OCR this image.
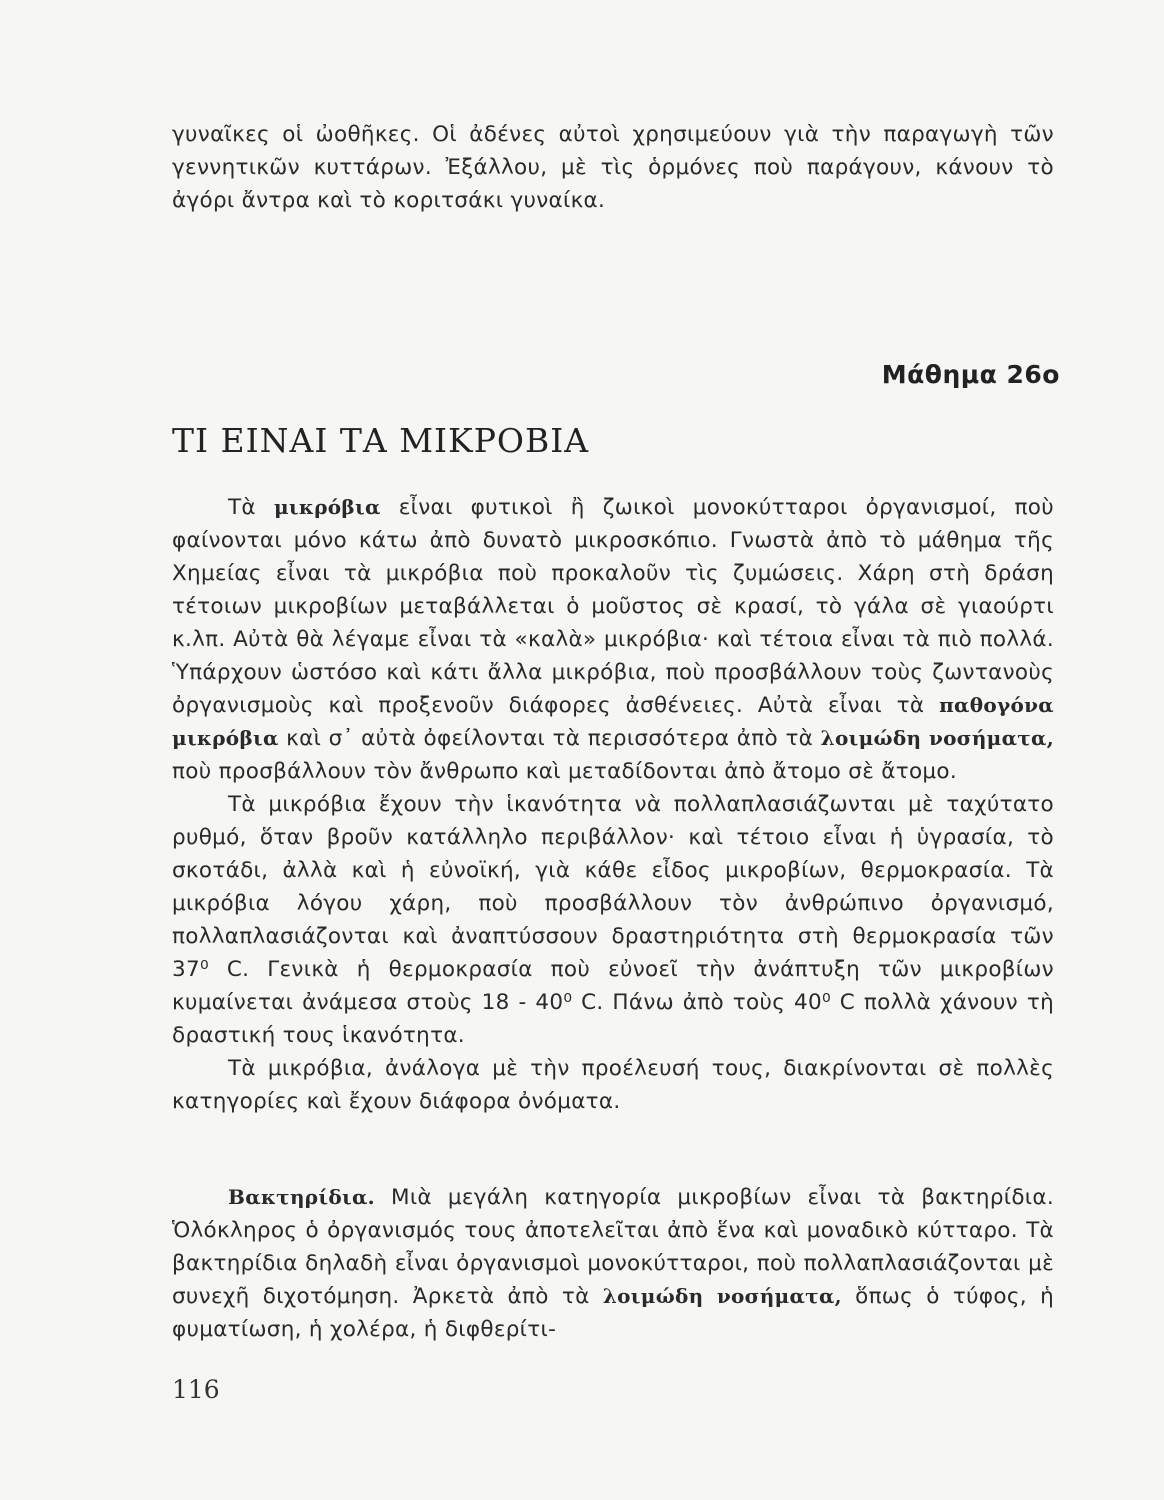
γυναῖκες οἱ ὠοθῆκες. Οἱ ἀδένες αὐτοὶ χρησιμεύουν γιὰ τὴν παραγωγὴ τῶν γεννητικῶν κυττάρων. Ἐξάλλου, μὲ τὶς ὁρμόνες ποὺ παράγουν, κάνουν τὸ ἀγόρι ἄντρα καὶ τὸ κοριτσάκι γυναίκα.

Μάθημα 26ο
ΤΙ ΕΙΝΑΙ ΤΑ ΜΙΚΡΟΒΙΑ

Τὰ μικρόβια εἶναι φυτικοὶ ἢ ζωικοὶ μονοκύτταροι ὀργανισμοί, ποὺ φαίνονται μόνο κάτω ἀπὸ δυνατὸ μικροσκόπιο. Γνωστὰ ἀπὸ τὸ μάθημα τῆς Χημείας εἶναι τὰ μικρόβια ποὺ προκαλοῦν τὶς ζυμώσεις. Χάρη στὴ δράση τέτοιων μικροβίων μεταβάλλεται ὁ μοῦστος σὲ κρασί, τὸ γάλα σὲ γιαούρτι κ.λπ. Αὐτὰ θὰ λέγαμε εἶναι τὰ «καλὰ» μικρόβια· καὶ τέτοια εἶναι τὰ πιὸ πολλά. Ὑπάρχουν ὡστόσο καὶ κάτι ἄλλα μικρόβια, ποὺ προσβάλλουν τοὺς ζωντανοὺς ὀργανισμοὺς καὶ προξενοῦν διάφορες ἀσθένειες. Αὐτὰ εἶναι τὰ παθογόνα μικρόβια καὶ σ᾽ αὐτὰ ὀφείλονται τὰ περισσότερα ἀπὸ τὰ λοιμώδη νοσήματα, ποὺ προσβάλλουν τὸν ἄνθρωπο καὶ μεταδίδονται ἀπὸ ἄτομο σὲ ἄτομο.

Τὰ μικρόβια ἔχουν τὴν ἱκανότητα νὰ πολλαπλασιάζωνται μὲ ταχύτατο ρυθμό, ὅταν βροῦν κατάλληλο περιβάλλον· καὶ τέτοιο εἶναι ἡ ὑγρασία, τὸ σκοτάδι, ἀλλὰ καὶ ἡ εὐνοϊκή, γιὰ κάθε εἶδος μικροβίων, θερμοκρασία. Τὰ μικρόβια λόγου χάρη, ποὺ προσβάλλουν τὸν ἀνθρώπινο ὀργανισμό, πολλαπλασιάζονται καὶ ἀναπτύσσουν δραστηριότητα στὴ θερμοκρασία τῶν 37⁰ C. Γενικὰ ἡ θερμοκρασία ποὺ εὐνοεῖ τὴν ἀνάπτυξη τῶν μικροβίων κυμαίνεται ἀνάμεσα στοὺς 18 - 40⁰ C. Πάνω ἀπὸ τοὺς 40⁰ C πολλὰ χάνουν τὴ δραστική τους ἱκανότητα.

Τὰ μικρόβια, ἀνάλογα μὲ τὴν προέλευσή τους, διακρίνονται σὲ πολλὲς κατηγορίες καὶ ἔχουν διάφορα ὀνόματα.

Βακτηρίδια. Μιὰ μεγάλη κατηγορία μικροβίων εἶναι τὰ βακτηρίδια. Ὁλόκληρος ὁ ὀργανισμός τους ἀποτελεῖται ἀπὸ ἕνα καὶ μοναδικὸ κύτταρο. Τὰ βακτηρίδια δηλαδὴ εἶναι ὀργανισμοὶ μονοκύτταροι, ποὺ πολλαπλασιάζονται μὲ συνεχῆ διχοτόμηση. Ἀρκετὰ ἀπὸ τὰ λοιμώδη νοσήματα, ὅπως ὁ τύφος, ἡ φυματίωση, ἡ χολέρα, ἡ διφθερίτι-

116
